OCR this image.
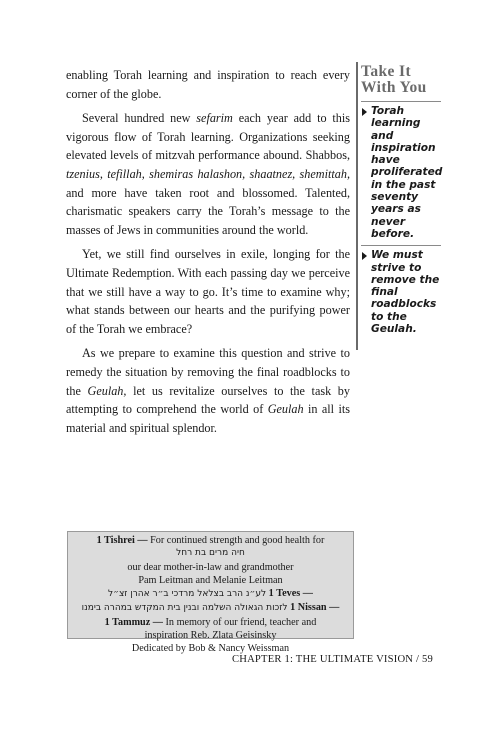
enabling Torah learning and inspiration to reach every corner of the globe.

Several hundred new sefarim each year add to this vigorous flow of Torah learning. Organizations seeking elevated levels of mitzvah performance abound. Shabbos, tzenius, tefillah, shemiras halashon, shaatnez, shemittah, and more have taken root and blossomed. Talented, charismatic speakers carry the Torah’s message to the masses of Jews in communities around the world.

Yet, we still find ourselves in exile, longing for the Ultimate Redemption. With each passing day we perceive that we still have a way to go. It’s time to examine why; what stands between our hearts and the purifying power of the Torah we embrace?

As we prepare to examine this question and strive to remedy the situation by removing the final roadblocks to the Geulah, let us revitalize ourselves to the task by attempting to comprehend the world of Geulah in all its material and spiritual splendor.

Take It
With You
Torah learning and inspiration have proliferated in the past seventy years as never before.
We must strive to remove the final roadblocks to the Geulah.
1 Tishrei — For continued strength and good health for
חיה מרים בת רחל
our dear mother-in-law and grandmother
Pam Leitman and Melanie Leitman
לע״נ הרב בצלאל מרדכי ב״ר אהרן זצ״ל 1 Teves —
לזכות הגאולה השלמה ובנין בית המקדש במהרה בימנו 1 Nissan —
1 Tammuz — In memory of our friend, teacher and
inspiration Reb. Zlata Geisinsky
Dedicated by Bob & Nancy Weissman
CHAPTER 1: THE ULTIMATE VISION / 59
